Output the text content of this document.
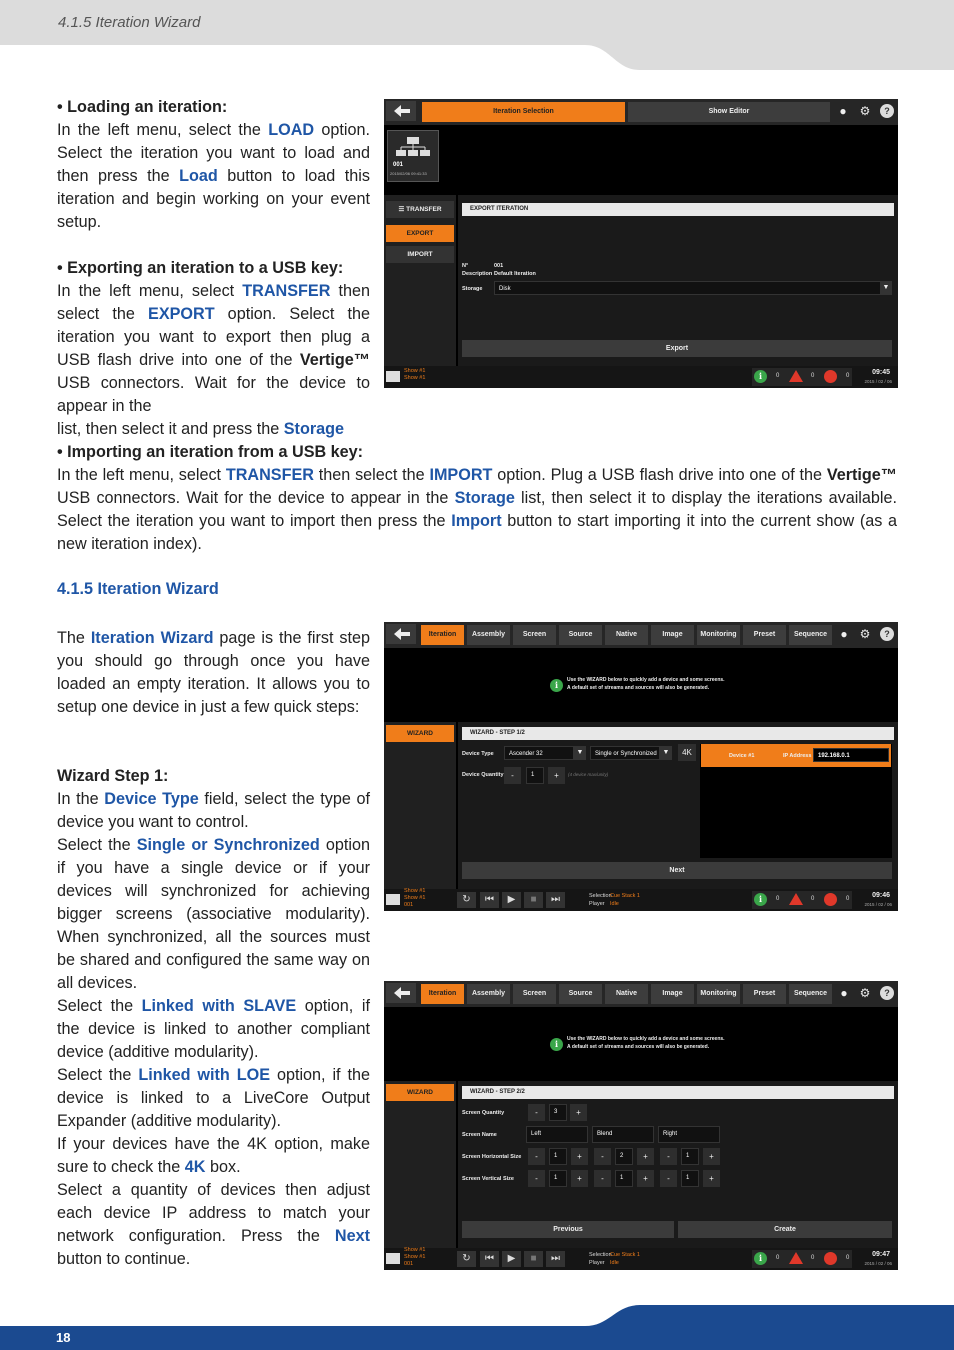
4.1.5 Iteration Wizard
18

• Loading an iteration:

In the left menu, select the LOAD option. Select the iteration you want to load and then press the Load button to load this iteration and begin working on your event setup.

• Exporting an iteration to a USB key:

In the left menu, select TRANSFER then select the EXPORT option. Select the iteration you want to export then plug a USB flash drive into one of the Vertige™ USB connectors. Wait for the device to appear in the

list, then select it and press the Storage

• Importing an iteration from a USB key:

In the left menu, select TRANSFER then select the IMPORT option. Plug a USB flash drive into one of the Vertige™ USB connectors. Wait for the device to appear in the Storage list, then select it to display the iterations available. Select the iteration you want to import then press the Import button to start importing it into the current show (as a new iteration index).

4.1.5 Iteration Wizard

The Iteration Wizard page is the first step you should go through once you have loaded an empty iteration. It allows you to setup one device in just a few quick steps:

Wizard Step 1:

In the Device Type field, select the type of device you want to control.

Select the Single or Synchronized option if you have a single device or if your devices will synchronized for achieving bigger screens (associative modularity). When synchronized, all the sources must be shared and configured the same way on all devices.

Select the Linked with SLAVE option, if the device is linked to another compliant device (additive modularity).

Select the Linked with LOE option, if the device is linked to a LiveCore Output Expander (additive modularity).

If your devices have the 4K option, make sure to check the 4K box.

Select a quantity of devices then adjust each device IP address to match your network configuration. Press the Next button to continue.

Iteration Selection	Show Editor	●	⚙	?
001
2015/02/06 09:41:33
☰ TRANSFER
EXPORT
IMPORT
EXPORT ITERATION
N°	001
Description Default Iteration
Storage	Disk	▼
Export
Show #1
Show #1	i	0	0	0	09:45
2015 / 02 / 06
Iteration	Assembly	Screen	Source	Native	Image	Monitoring	Preset	Sequence	● ⚙	?
i	Use the WIZARD below to quickly add a device and some screens.
A default set of streams and sources will also be generated.
WIZARD	WIZARD - STEP 1/2
Device Type	Ascender 32	▼	Single or Synchronized ▼	4K
Device Quantity -	1	+	(4 device max/unity)
Device #1	IP Address	192.168.0.1
Next
Show #1
Show #1
001	↻	⏮	▶	■	⏭	Selection
Cue Stack 1
Player Idle	i	0	0	0	09:46
2015 / 02 / 06
Iteration	Assembly	Screen	Source	Native	Image	Monitoring	Preset	Sequence	● ⚙	?
i	Use the WIZARD below to quickly add a device and some screens.
A default set of streams and sources will also be generated.
WIZARD	WIZARD - STEP 2/2
Screen Quantity	-	3	+
Screen Name	Left	Blend	Right
Screen Horizontal Size	-	1	+	-	2	+	-	1	+
Screen Vertical Size	-	1	+	-	1	+	-	1	+
Previous	Create
Show #1
Show #1
001	↻	⏮	▶	■	⏭	Selection
Cue Stack 1
Player Idle	i	0	0	0	09:47
2015 / 02 / 06
